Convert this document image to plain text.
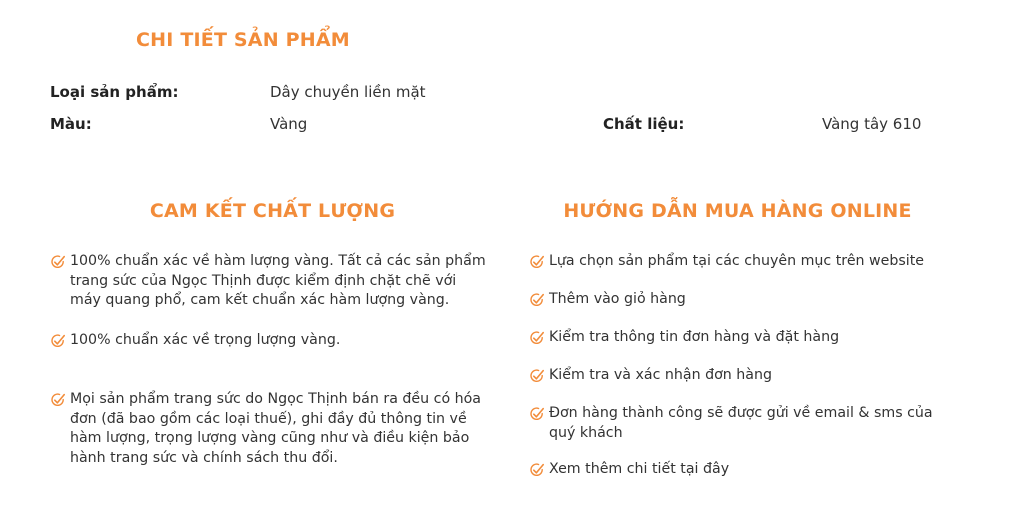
CHI TIẾT SẢN PHẨM
Loại sản phẩm:	Dây chuyền liền mặt
Màu:	Vàng	Chất liệu:	Vàng tây 610
CAM KẾT CHẤT LƯỢNG
100% chuẩn xác về hàm lượng vàng. Tất cả các sản phẩm trang sức của Ngọc Thịnh được kiểm định chặt chẽ với máy quang phổ, cam kết chuẩn xác hàm lượng vàng.
100% chuẩn xác về trọng lượng vàng.
Mọi sản phẩm trang sức do Ngọc Thịnh bán ra đều có hóa đơn (đã bao gồm các loại thuế), ghi đầy đủ thông tin về hàm lượng, trọng lượng vàng cũng như và điều kiện bảo hành trang sức và chính sách thu đổi.
HƯỚNG DẪN MUA HÀNG ONLINE
Lựa chọn sản phẩm tại các chuyên mục trên website
Thêm vào giỏ hàng
Kiểm tra thông tin đơn hàng và đặt hàng
Kiểm tra và xác nhận đơn hàng
Đơn hàng thành công sẽ được gửi về email & sms của quý khách
Xem thêm chi tiết tại đây
